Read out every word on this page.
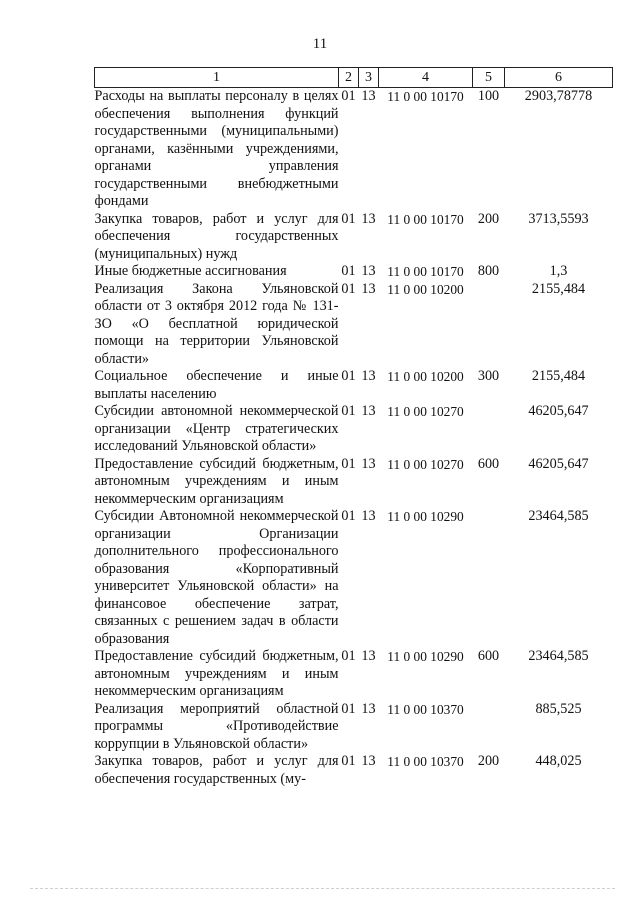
11
1	2	3	4	5	6
Расходы на выплаты персоналу в целях обеспечения выполнения функций государственными (муниципальными) органами, казёнными учреждениями, органами управления государственными внебюджетными фондами	01	13	11 0 00 10170	100	2903,78778
Закупка товаров, работ и услуг для обеспечения государственных (муниципальных) нужд	01	13	11 0 00 10170	200	3713,5593
Иные бюджетные ассигнования	01	13	11 0 00 10170	800	1,3
Реализация Закона Ульяновской области от 3 октября 2012 года № 131-ЗО «О бесплатной юридической помощи на территории Ульяновской области»	01	13	11 0 00 10200		2155,484
Социальное обеспечение и иные выплаты населению	01	13	11 0 00 10200	300	2155,484
Субсидии автономной некоммерческой организации «Центр стратегических исследований Ульяновской области»	01	13	11 0 00 10270		46205,647
Предоставление субсидий бюджетным, автономным учреждениям и иным некоммерческим организациям	01	13	11 0 00 10270	600	46205,647
Субсидии Автономной некоммерческой организации Организации дополнительного профессионального образования «Корпоративный университет Ульяновской области» на финансовое обеспечение затрат, связанных с решением задач в области образования	01	13	11 0 00 10290		23464,585
Предоставление субсидий бюджетным, автономным учреждениям и иным некоммерческим организациям	01	13	11 0 00 10290	600	23464,585
Реализация мероприятий областной программы «Противодействие коррупции в Ульяновской области»	01	13	11 0 00 10370		885,525
Закупка товаров, работ и услуг для обеспечения государственных (му-	01	13	11 0 00 10370	200	448,025
